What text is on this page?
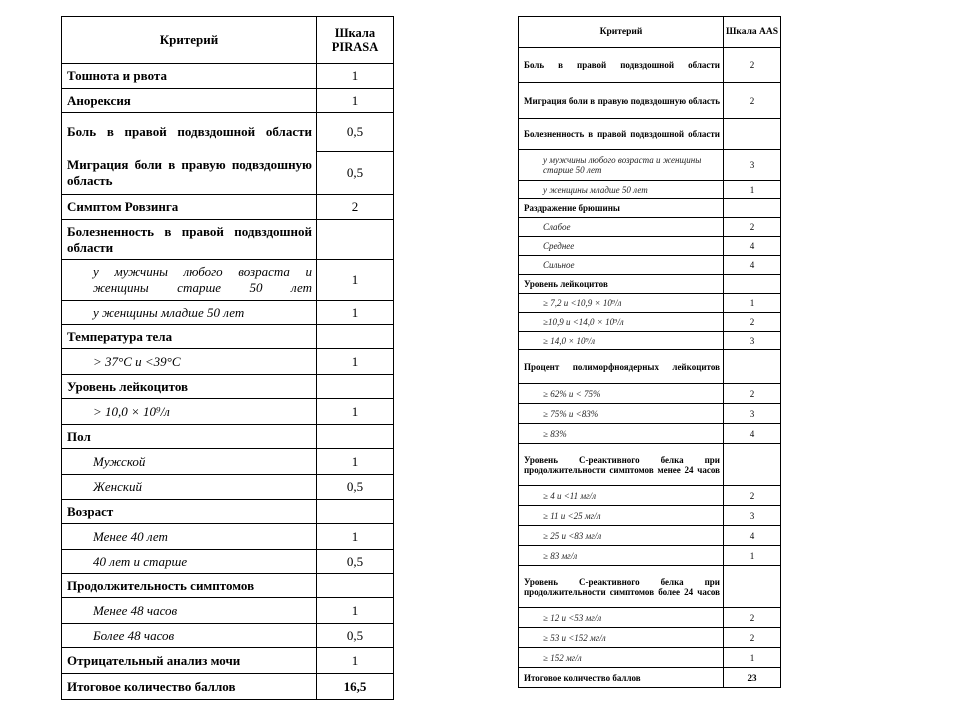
Критерий	Шкала PIRASA
Тошнота и рвота	1
Анорексия	1
Боль в правой подвздошной области	0,5
Миграция боли в правую подвздошную область	0,5
Симптом Ровзинга	2
Болезненность в правой подвздошной области	
у мужчины любого возраста и женщины старше 50 лет	1
у женщины младше 50 лет	1
Температура тела	
> 37°C и <39°C	1
Уровень лейкоцитов	
> 10,0 × 10⁹/л	1
Пол	
Мужской	1
Женский	0,5
Возраст	
Менее 40 лет	1
40 лет и старше	0,5
Продолжительность симптомов	
Менее 48 часов	1
Более 48 часов	0,5
Отрицательный анализ мочи	1
Итоговое количество баллов	16,5
Критерий	Шкала AAS
Боль в правой подвздошной области	2
Миграция боли в правую подвздошную область	2
Болезненность в правой подвздошной области	
у мужчины любого возраста и женщины старше 50 лет	3
у женщины младше 50 лет	1
Раздражение брюшины	
Слабое	2
Среднее	4
Сильное	4
Уровень лейкоцитов	
≥ 7,2 и <10,9 × 10⁹/л	1
≥10,9 и <14,0 × 10⁹/л	2
≥ 14,0 × 10⁹/л	3
Процент полиморфноядерных лейкоцитов	
≥ 62% и < 75%	2
≥ 75% и <83%	3
≥ 83%	4
Уровень С-реактивного белка при продолжительности симптомов менее 24 часов	
≥ 4 и <11 мг/л	2
≥ 11 и <25 мг/л	3
≥ 25 и <83 мг/л	4
≥ 83 мг/л	1
Уровень С-реактивного белка при продолжительности симптомов более 24 часов	
≥ 12 и <53 мг/л	2
≥ 53 и <152 мг/л	2
≥ 152 мг/л	1
Итоговое количество баллов	23
